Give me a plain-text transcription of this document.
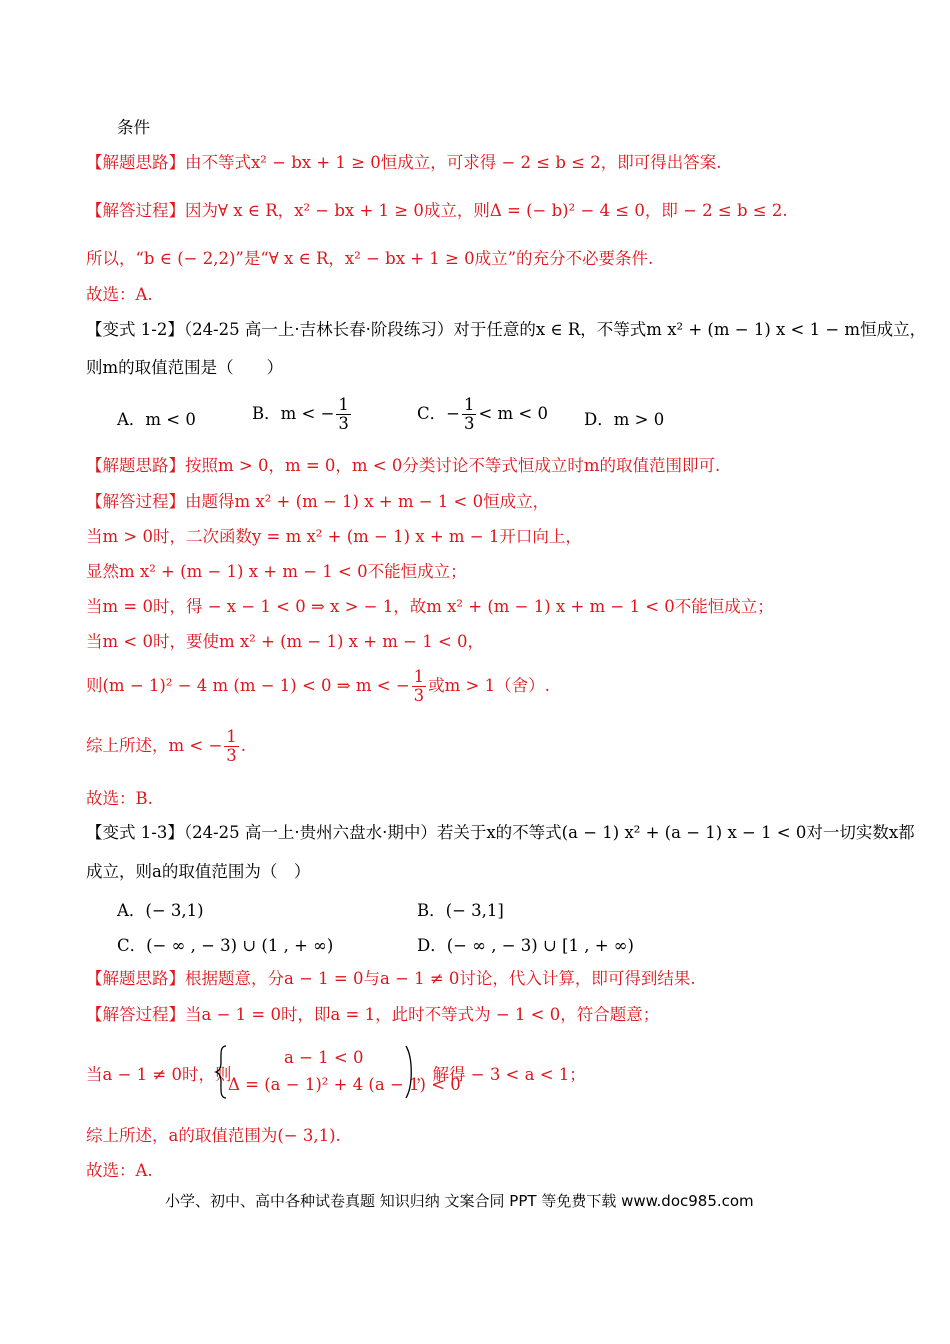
条件
【解题思路】由不等式x² − bx + 1 ≥ 0恒成立，可求得 − 2 ≤ b ≤ 2，即可得出答案.
【解答过程】因为∀ x ∈ R，x² − bx + 1 ≥ 0成立，则Δ = (− b)² − 4 ≤ 0，即 − 2 ≤ b ≤ 2.
所以，“b ∈ (− 2,2)”是“∀ x ∈ R，x² − bx + 1 ≥ 0成立”的充分不必要条件.
故选：A.
【变式 1-2】（24-25 高一上·吉林长春·阶段练习）对于任意的x ∈ R，不等式m x² + (m − 1) x < 1 − m恒成立，
则m的取值范围是（　　）
A．m < 0	B．m < − $\frac{1}{3}$	C．− $\frac{1}{3} < m < 0$ D．m > 0
【解题思路】按照m > 0，m = 0，m < 0分类讨论不等式恒成立时m的取值范围即可.
【解答过程】由题得m x² + (m − 1) x + m − 1 < 0恒成立，
当m > 0时，二次函数y = m x² + (m − 1) x + m − 1开口向上，
显然m x² + (m − 1) x + m − 1 < 0不能恒成立；
当m = 0时，得 − x − 1 < 0 ⇒ x > − 1，故m x² + (m − 1) x + m − 1 < 0不能恒成立；
当m < 0时，要使m x² + (m − 1) x + m − 1 < 0，
则(m − 1)² − 4 m (m − 1) < 0 ⇒ m < − $\frac{1}{3}$ 或m > 1（舍）.
综上所述，m < − $\frac{1}{3}$ .
故选：B.
【变式 1-3】（24-25 高一上·贵州六盘水·期中）若关于x的不等式(a − 1) x² + (a − 1) x − 1 < 0对一切实数x都
成立，则a的取值范围为（　）
A．(− 3,1)	B．(− 3,1]
C．(− ∞ , − 3) ∪ (1 , + ∞)	D．(− ∞ , − 3) ∪ [1 , + ∞)
【解题思路】根据题意，分a − 1 = 0与a − 1 ≠ 0讨论，代入计算，即可得到结果.
【解答过程】当a − 1 = 0时，即a = 1，此时不等式为 − 1 < 0，符合题意；
当a − 1 ≠ 0时，则
a − 1 < 0
Δ = (a − 1)² + 4 (a − 1) < 0
，解得 − 3 < a < 1；
综上所述，a的取值范围为(− 3,1).
故选：A.
小学、初中、高中各种试卷真题 知识归纳 文案合同 PPT 等免费下载 www.doc985.com
